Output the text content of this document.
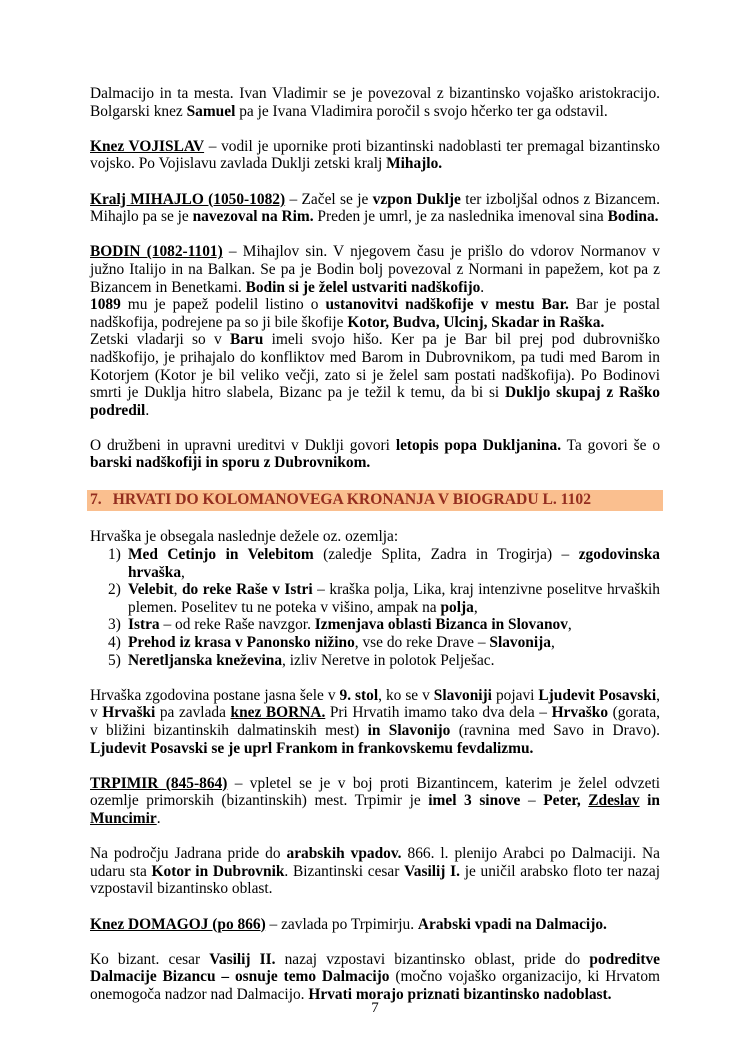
Dalmacijo in ta mesta. Ivan Vladimir se je povezoval z bizantinsko vojaško aristokracijo. Bolgarski knez Samuel pa je Ivana Vladimira poročil s svojo hčerko ter ga odstavil.

Knez VOJISLAV – vodil je upornike proti bizantinski nadoblasti ter premagal bizantinsko vojsko. Po Vojislavu zavlada Duklji zetski kralj Mihajlo.

Kralj MIHAJLO (1050-1082) – Začel se je vzpon Duklje ter izboljšal odnos z Bizancem. Mihajlo pa se je navezoval na Rim. Preden je umrl, je za naslednika imenoval sina Bodina.

BODIN (1082-1101) – Mihajlov sin. V njegovem času je prišlo do vdorov Normanov v južno Italijo in na Balkan. Se pa je Bodin bolj povezoval z Normani in papežem, kot pa z Bizancem in Benetkami. Bodin si je želel ustvariti nadškofijo.

1089 mu je papež podelil listino o ustanovitvi nadškofije v mestu Bar. Bar je postal nadškofija, podrejene pa so ji bile škofije Kotor, Budva, Ulcinj, Skadar in Raška.

Zetski vladarji so v Baru imeli svojo hišo. Ker pa je Bar bil prej pod dubrovniško nadškofijo, je prihajalo do konfliktov med Barom in Dubrovnikom, pa tudi med Barom in Kotorjem (Kotor je bil veliko večji, zato si je želel sam postati nadškofija). Po Bodinovi smrti je Duklja hitro slabela, Bizanc pa je težil k temu, da bi si Dukljo skupaj z Raško podredil.

O družbeni in upravni ureditvi v Duklji govori letopis popa Dukljanina. Ta govori še o barski nadškofiji in sporu z Dubrovnikom.

7. HRVATI DO KOLOMANOVEGA KRONANJA V BIOGRADU L. 1102

Hrvaška je obsegala naslednje dežele oz. ozemlja:

1) Med Cetinjo in Velebitom (zaledje Splita, Zadra in Trogirja) – zgodovinska hrvaška,
2) Velebit, do reke Raše v Istri – kraška polja, Lika, kraj intenzivne poselitve hrvaških plemen. Poselitev tu ne poteka v višino, ampak na polja,
3) Istra – od reke Raše navzgor. Izmenjava oblasti Bizanca in Slovanov,
4) Prehod iz krasa v Panonsko nižino, vse do reke Drave – Slavonija,
5) Neretljanska kneževina, izliv Neretve in polotok Pelješac.

Hrvaška zgodovina postane jasna šele v 9. stol, ko se v Slavoniji pojavi Ljudevit Posavski, v Hrvaški pa zavlada knez BORNA. Pri Hrvatih imamo tako dva dela – Hrvaško (gorata, v bližini bizantinskih dalmatinskih mest) in Slavonijo (ravnina med Savo in Dravo). Ljudevit Posavski se je uprl Frankom in frankovskemu fevdalizmu.

TRPIMIR (845-864) – vpletel se je v boj proti Bizantincem, katerim je želel odvzeti ozemlje primorskih (bizantinskih) mest. Trpimir je imel 3 sinove – Peter, Zdeslav in Muncimir.

Na področju Jadrana pride do arabskih vpadov. 866. l. plenijo Arabci po Dalmaciji. Na udaru sta Kotor in Dubrovnik. Bizantinski cesar Vasilij I. je uničil arabsko floto ter nazaj vzpostavil bizantinsko oblast.

Knez DOMAGOJ (po 866) – zavlada po Trpimirju. Arabski vpadi na Dalmacijo.

Ko bizant. cesar Vasilij II. nazaj vzpostavi bizantinsko oblast, pride do podreditve Dalmacije Bizancu – osnuje temo Dalmacijo (močno vojaško organizacijo, ki Hrvatom onemogoča nadzor nad Dalmacijo. Hrvati morajo priznati bizantinsko nadoblast.

7
